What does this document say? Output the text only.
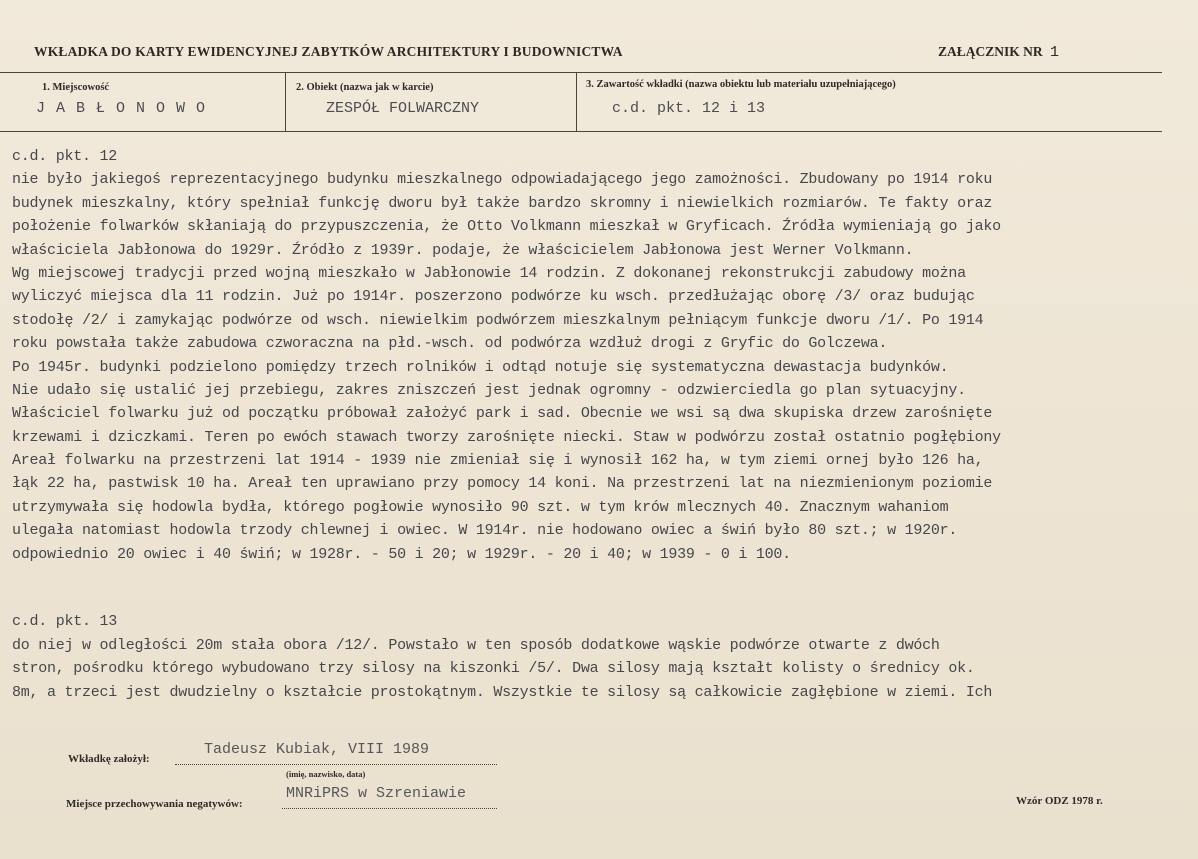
WKŁADKA DO KARTY EWIDENCYJNEJ ZABYTKÓW ARCHITEKTURY I BUDOWNICTWA	ZAŁĄCZNIK NR 1
1. Miejscowość
J A B Ł O N O W O
2. Obiekt (nazwa jak w karcie)
ZESPÓŁ FOLWARCZNY
3. Zawartość wkładki (nazwa obiektu lub materiału uzupełniającego)
c.d. pkt. 12 i 13
c.d. pkt. 12
nie było jakiegoś reprezentacyjnego budynku mieszkalnego odpowiadającego jego zamożności. Zbudowany po 1914 roku
budynek mieszkalny, który spełniał funkcję dworu był także bardzo skromny i niewielkich rozmiarów. Te fakty oraz
położenie folwarków skłaniają do przypuszczenia, że Otto Volkmann mieszkał w Gryficach. Źródła wymieniają go jako
właściciela Jabłonowa do 1929r. Źródło z 1939r. podaje, że właścicielem Jabłonowa jest Werner Volkmann.
Wg miejscowej tradycji przed wojną mieszkało w Jabłonowie 14 rodzin. Z dokonanej rekonstrukcji zabudowy można
wyliczyć miejsca dla 11 rodzin. Już po 1914r. poszerzono podwórze ku wsch. przedłużając oborę /3/ oraz budując
stodołę /2/ i zamykając podwórze od wsch. niewielkim podwórzem mieszkalnym pełniącym funkcje dworu /1/. Po 1914
roku powstała także zabudowa czworaczna na płd.-wsch. od podwórza wzdłuż drogi z Gryfic do Golczewa.
Po 1945r. budynki podzielono pomiędzy trzech rolników i odtąd notuje się systematyczna dewastacja budynków.
Nie udało się ustalić jej przebiegu, zakres zniszczeń jest jednak ogromny - odzwierciedla go plan sytuacyjny.
Właściciel folwarku już od początku próbował założyć park i sad. Obecnie we wsi są dwa skupiska drzew zarośnięte
krzewami i dziczkami. Teren po ewóch stawach tworzy zarośnięte niecki. Staw w podwórzu został ostatnio pogłębiony
Areał folwarku na przestrzeni lat 1914 - 1939 nie zmieniał się i wynosił 162 ha, w tym ziemi ornej było 126 ha,
łąk 22 ha, pastwisk 10 ha. Areał ten uprawiano przy pomocy 14 koni. Na przestrzeni lat na niezmienionym poziomie
utrzymywała się hodowla bydła, którego pogłowie wynosiło 90 szt. w tym krów mlecznych 40. Znacznym wahaniom
ulegała natomiast hodowla trzody chlewnej i owiec. W 1914r. nie hodowano owiec a świń było 80 szt.; w 1920r.
odpowiednio 20 owiec i 40 świń; w 1928r. - 50 i 20; w 1929r. - 20 i 40; w 1939 - 0 i 100.
c.d. pkt. 13
do niej w odległości 20m stała obora /12/. Powstało w ten sposób dodatkowe wąskie podwórze otwarte z dwóch
stron, pośrodku którego wybudowano trzy silosy na kiszonki /5/. Dwa silosy mają kształt kolisty o średnicy ok.
8m, a trzeci jest dwudzielny o kształcie prostokątnym. Wszystkie te silosy są całkowicie zagłębione w ziemi. Ich
Wkładkę założył:
Tadeusz Kubiak, VIII 1989
(imię, nazwisko, data)
Miejsce przechowywania negatywów:
MNRiPRS w Szreniawie	Wzór ODZ 1978 r.
